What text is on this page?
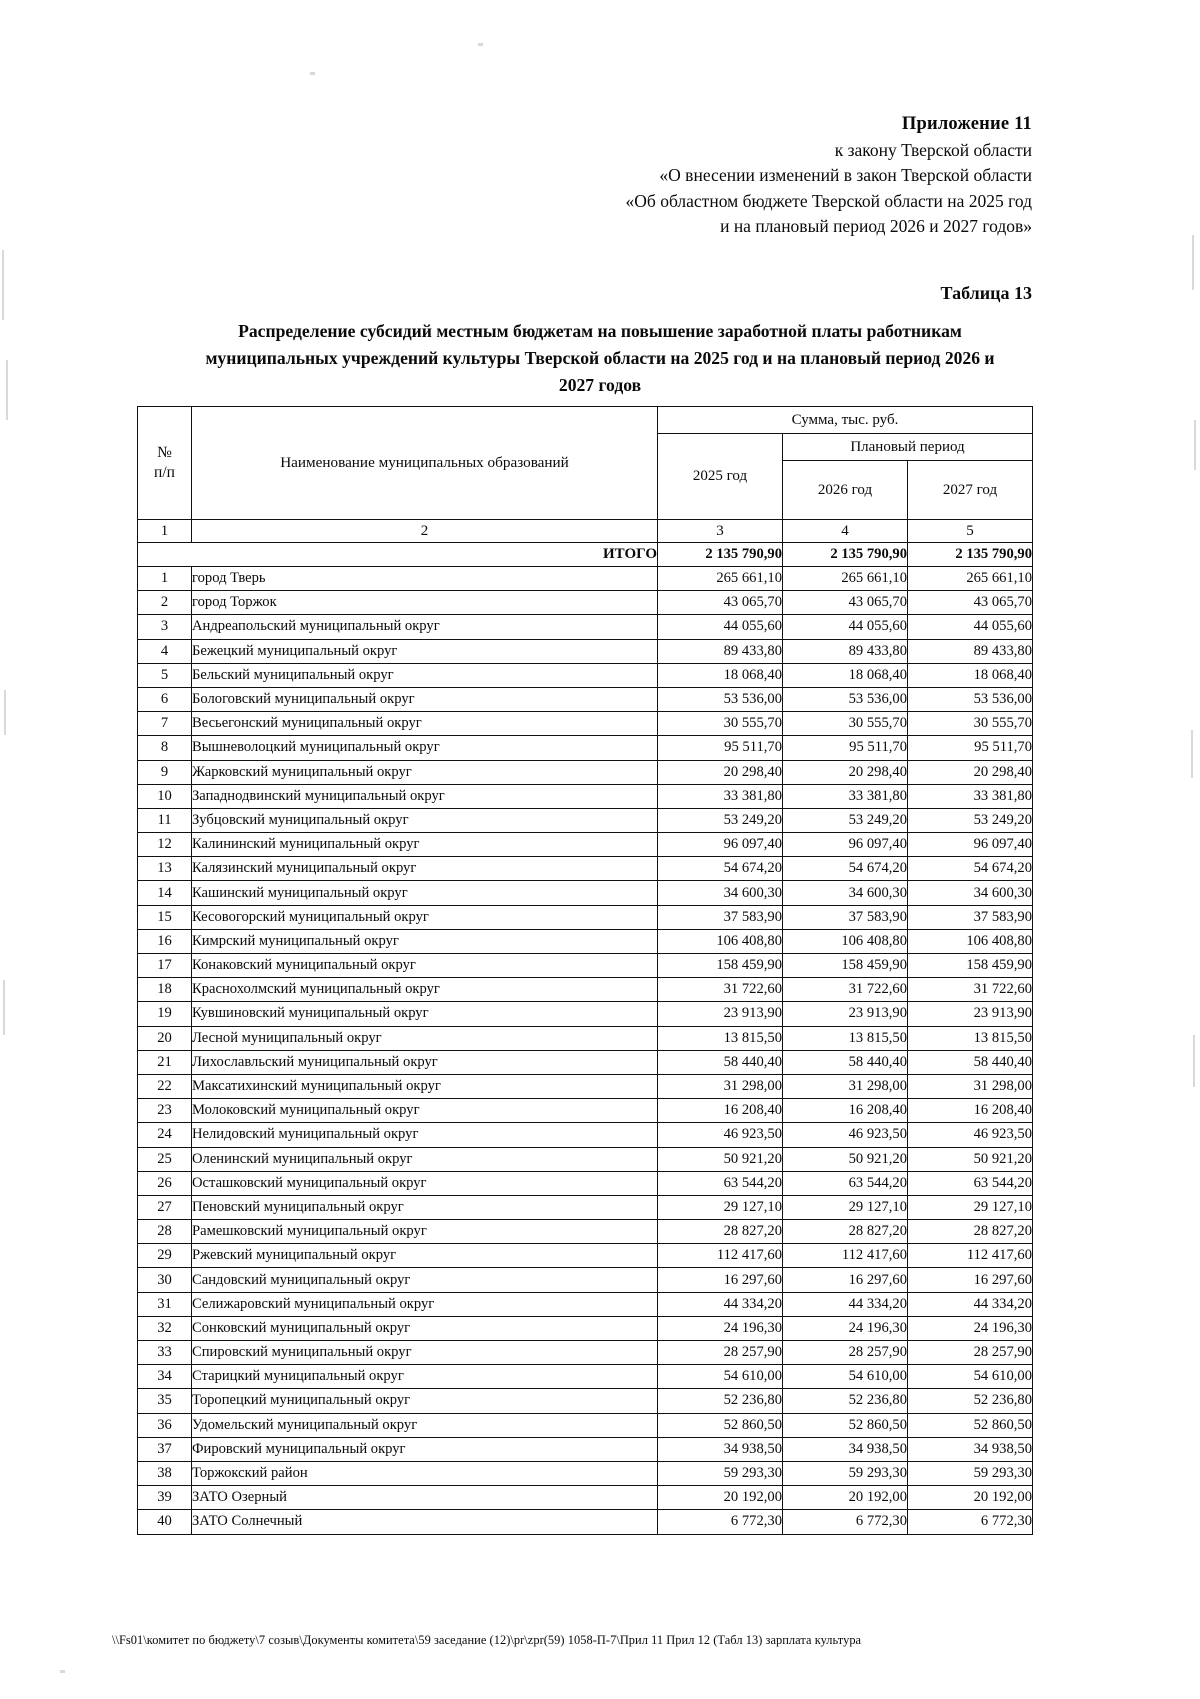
Приложение 11
к закону Тверской области
«О внесении изменений в закон Тверской области
«Об областном бюджете Тверской области на 2025 год
и на плановый период 2026 и 2027 годов»
Таблица 13
Распределение субсидий местным бюджетам на повышение заработной платы работникам
муниципальных учреждений культуры Тверской области на 2025 год и на плановый период 2026 и
2027 годов
№
п/п	Наименование муниципальных образований	Сумма, тыс. руб.		
		2025 год	Плановый период	
			2026 год	2027 год
1	2	3	4	5
ИТОГО		2 135 790,90	2 135 790,90	2 135 790,90
1	город Тверь	265 661,10	265 661,10	265 661,10
2	город Торжок	43 065,70	43 065,70	43 065,70
3	Андреапольский муниципальный округ	44 055,60	44 055,60	44 055,60
4	Бежецкий муниципальный округ	89 433,80	89 433,80	89 433,80
5	Бельский муниципальный округ	18 068,40	18 068,40	18 068,40
6	Бологовский муниципальный округ	53 536,00	53 536,00	53 536,00
7	Весьегонский муниципальный округ	30 555,70	30 555,70	30 555,70
8	Вышневолоцкий муниципальный округ	95 511,70	95 511,70	95 511,70
9	Жарковский муниципальный округ	20 298,40	20 298,40	20 298,40
10	Западнодвинский муниципальный округ	33 381,80	33 381,80	33 381,80
11	Зубцовский муниципальный округ	53 249,20	53 249,20	53 249,20
12	Калининский муниципальный округ	96 097,40	96 097,40	96 097,40
13	Калязинский муниципальный округ	54 674,20	54 674,20	54 674,20
14	Кашинский муниципальный округ	34 600,30	34 600,30	34 600,30
15	Кесовогорский муниципальный округ	37 583,90	37 583,90	37 583,90
16	Кимрский муниципальный округ	106 408,80	106 408,80	106 408,80
17	Конаковский муниципальный округ	158 459,90	158 459,90	158 459,90
18	Краснохолмский муниципальный округ	31 722,60	31 722,60	31 722,60
19	Кувшиновский муниципальный округ	23 913,90	23 913,90	23 913,90
20	Лесной муниципальный округ	13 815,50	13 815,50	13 815,50
21	Лихославльский муниципальный округ	58 440,40	58 440,40	58 440,40
22	Максатихинский муниципальный округ	31 298,00	31 298,00	31 298,00
23	Молоковский муниципальный округ	16 208,40	16 208,40	16 208,40
24	Нелидовский муниципальный округ	46 923,50	46 923,50	46 923,50
25	Оленинский муниципальный округ	50 921,20	50 921,20	50 921,20
26	Осташковский муниципальный округ	63 544,20	63 544,20	63 544,20
27	Пеновский муниципальный округ	29 127,10	29 127,10	29 127,10
28	Рамешковский муниципальный округ	28 827,20	28 827,20	28 827,20
29	Ржевский муниципальный округ	112 417,60	112 417,60	112 417,60
30	Сандовский муниципальный округ	16 297,60	16 297,60	16 297,60
31	Селижаровский муниципальный округ	44 334,20	44 334,20	44 334,20
32	Сонковский муниципальный округ	24 196,30	24 196,30	24 196,30
33	Спировский муниципальный округ	28 257,90	28 257,90	28 257,90
34	Старицкий муниципальный округ	54 610,00	54 610,00	54 610,00
35	Торопецкий муниципальный округ	52 236,80	52 236,80	52 236,80
36	Удомельский муниципальный округ	52 860,50	52 860,50	52 860,50
37	Фировский муниципальный округ	34 938,50	34 938,50	34 938,50
38	Торжокский район	59 293,30	59 293,30	59 293,30
39	ЗАТО Озерный	20 192,00	20 192,00	20 192,00
40	ЗАТО Солнечный	6 772,30	6 772,30	6 772,30
\\Fs01\комитет по бюджету\7 созыв\Документы комитета\59 заседание (12)\pr\zpr(59) 1058-П-7\Прил 11 Прил 12 (Табл 13) зарплата культура
